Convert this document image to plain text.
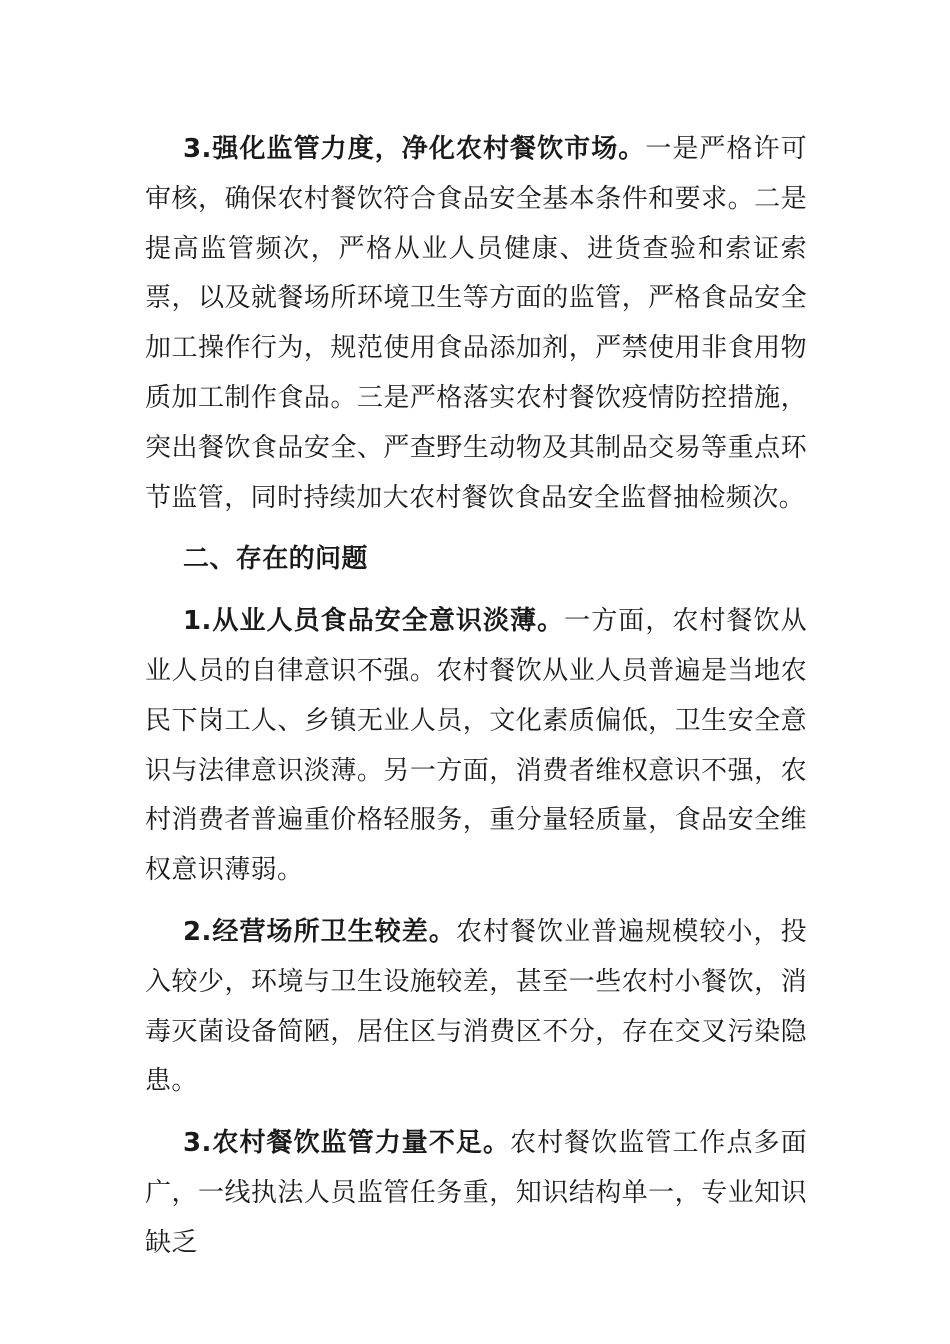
3.强化监管力度，净化农村餐饮市场。一是严格许可审核，确保农村餐饮符合食品安全基本条件和要求。二是提高监管频次，严格从业人员健康、进货查验和索证索票，以及就餐场所环境卫生等方面的监管，严格食品安全加工操作行为，规范使用食品添加剂，严禁使用非食用物质加工制作食品。三是严格落实农村餐饮疫情防控措施，突出餐饮食品安全、严查野生动物及其制品交易等重点环节监管，同时持续加大农村餐饮食品安全监督抽检频次。

二、存在的问题

1.从业人员食品安全意识淡薄。一方面，农村餐饮从业人员的自律意识不强。农村餐饮从业人员普遍是当地农民下岗工人、乡镇无业人员，文化素质偏低，卫生安全意识与法律意识淡薄。另一方面，消费者维权意识不强，农村消费者普遍重价格轻服务，重分量轻质量，食品安全维权意识薄弱。

2.经营场所卫生较差。农村餐饮业普遍规模较小，投入较少，环境与卫生设施较差，甚至一些农村小餐饮，消毒灭菌设备简陋，居住区与消费区不分，存在交叉污染隐患。

3.农村餐饮监管力量不足。农村餐饮监管工作点多面广，一线执法人员监管任务重，知识结构单一，专业知识缺乏
